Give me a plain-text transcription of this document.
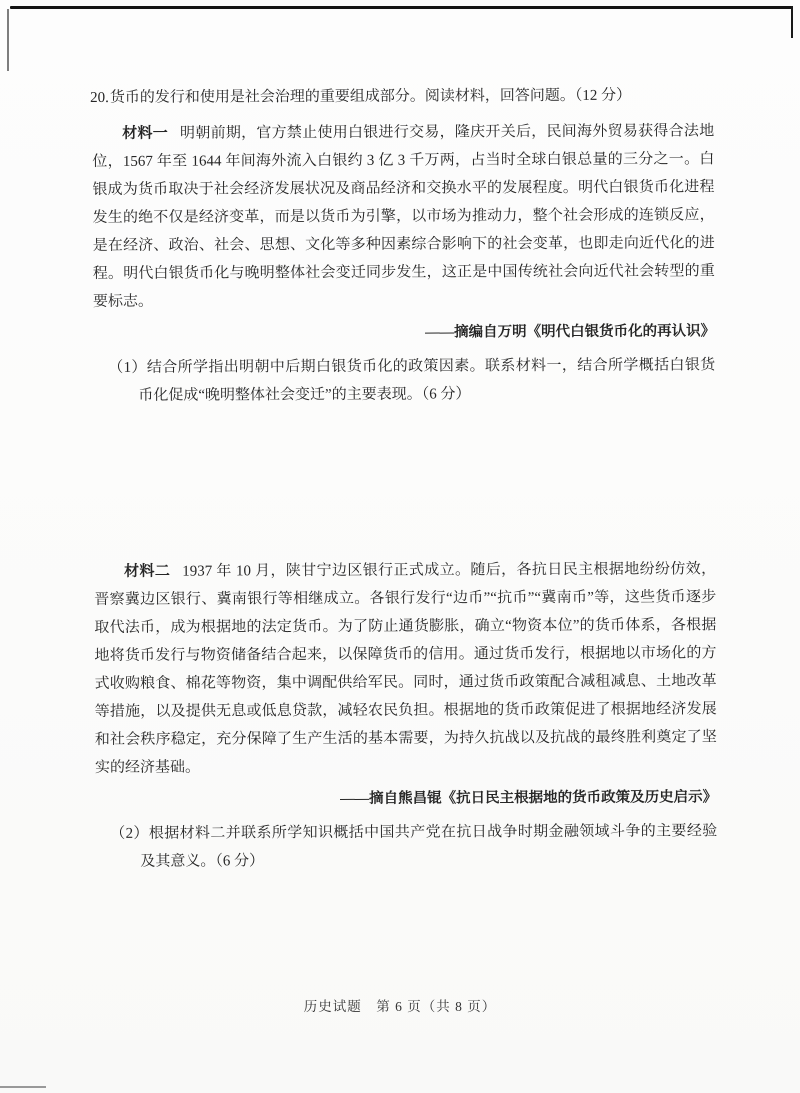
20.货币的发行和使用是社会治理的重要组成部分。阅读材料，回答问题。（12 分）

材料一 明朝前期，官方禁止使用白银进行交易，隆庆开关后，民间海外贸易获得合法地位，1567 年至 1644 年间海外流入白银约 3 亿 3 千万两，占当时全球白银总量的三分之一。白银成为货币取决于社会经济发展状况及商品经济和交换水平的发展程度。明代白银货币化进程发生的绝不仅是经济变革，而是以货币为引擎，以市场为推动力，整个社会形成的连锁反应，是在经济、政治、社会、思想、文化等多种因素综合影响下的社会变革，也即走向近代化的进程。明代白银货币化与晚明整体社会变迁同步发生，这正是中国传统社会向近代社会转型的重要标志。

——摘编自万明《明代白银货币化的再认识》

（1）结合所学指出明朝中后期白银货币化的政策因素。联系材料一，结合所学概括白银货币化促成“晚明整体社会变迁”的主要表现。（6 分）

材料二 1937 年 10 月，陕甘宁边区银行正式成立。随后，各抗日民主根据地纷纷仿效，晋察冀边区银行、冀南银行等相继成立。各银行发行“边币”“抗币”“冀南币”等，这些货币逐步取代法币，成为根据地的法定货币。为了防止通货膨胀，确立“物资本位”的货币体系，各根据地将货币发行与物资储备结合起来，以保障货币的信用。通过货币发行，根据地以市场化的方式收购粮食、棉花等物资，集中调配供给军民。同时，通过货币政策配合减租减息、土地改革等措施，以及提供无息或低息贷款，减轻农民负担。根据地的货币政策促进了根据地经济发展和社会秩序稳定，充分保障了生产生活的基本需要，为持久抗战以及抗战的最终胜利奠定了坚实的经济基础。

——摘自熊昌锟《抗日民主根据地的货币政策及历史启示》

（2）根据材料二并联系所学知识概括中国共产党在抗日战争时期金融领域斗争的主要经验及其意义。（6 分）

历史试题　第 6 页（共 8 页）
